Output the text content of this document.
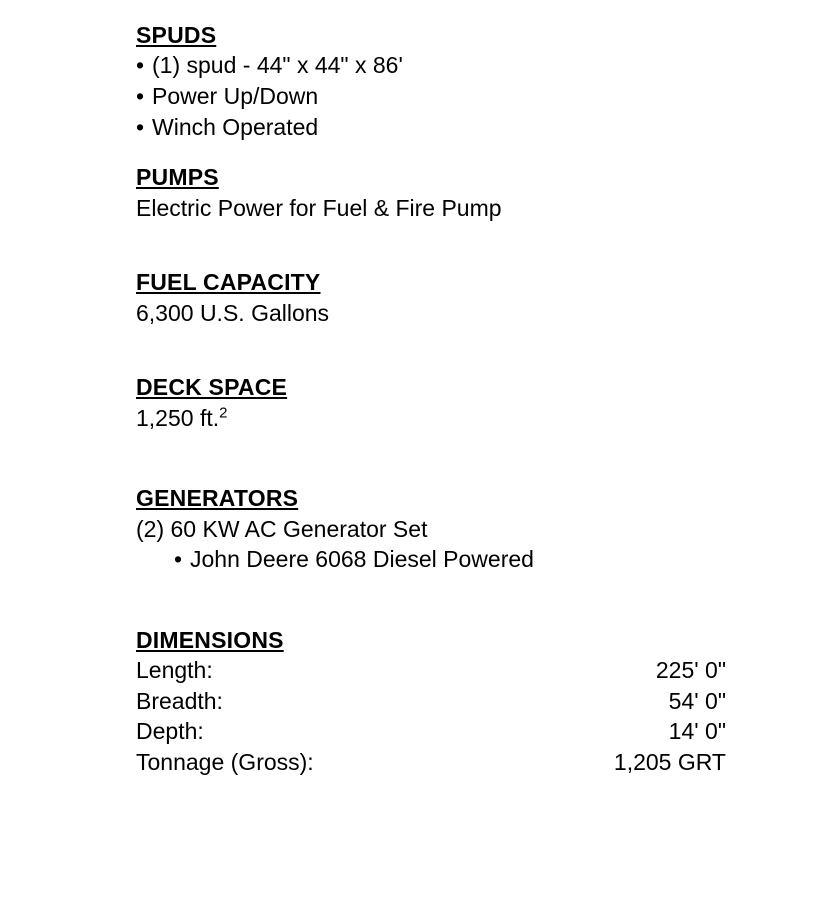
SPUDS
• (1) spud - 44" x 44" x 86'
• Power Up/Down
• Winch Operated
PUMPS
Electric Power for Fuel & Fire Pump
FUEL CAPACITY
6,300 U.S. Gallons
DECK SPACE
1,250 ft.$^2$
GENERATORS
(2) 60 KW AC Generator Set
• John Deere 6068 Diesel Powered
DIMENSIONS
Length:	225' 0"
Breadth:	54' 0"
Depth:	14' 0"
Tonnage (Gross):	1,205 GRT
